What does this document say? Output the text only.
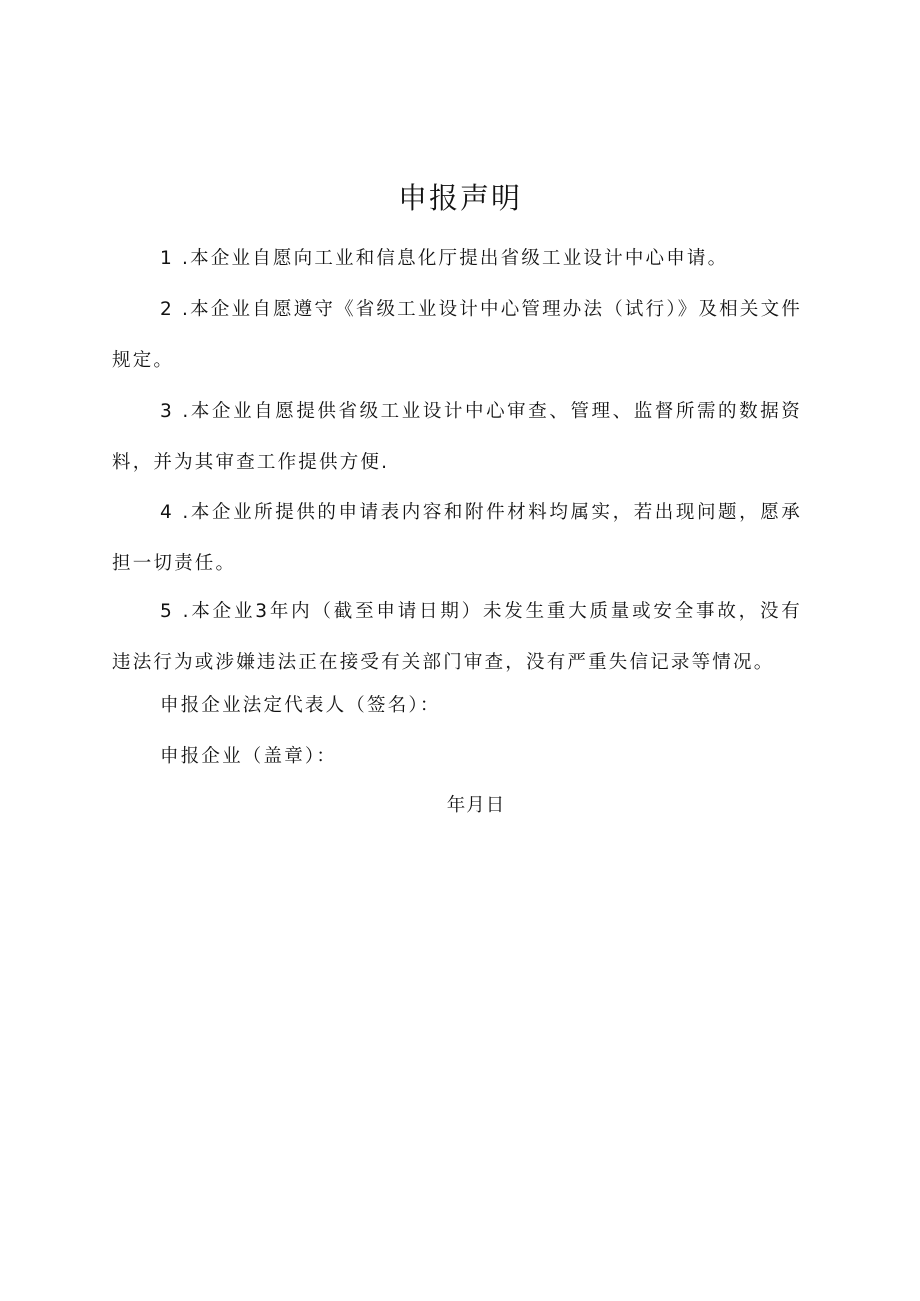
申报声明

1 .本企业自愿向工业和信息化厅提出省级工业设计中心申请。

2 .本企业自愿遵守《省级工业设计中心管理办法（试行）》及相关文件规定。

3 .本企业自愿提供省级工业设计中心审查、管理、监督所需的数据资料，并为其审查工作提供方便.

4 .本企业所提供的申请表内容和附件材料均属实，若出现问题，愿承担一切责任。

5 .本企业3年内（截至申请日期）未发生重大质量或安全事故，没有违法行为或涉嫌违法正在接受有关部门审查，没有严重失信记录等情况。

申报企业法定代表人（签名）：

申报企业（盖章）：

年月日
